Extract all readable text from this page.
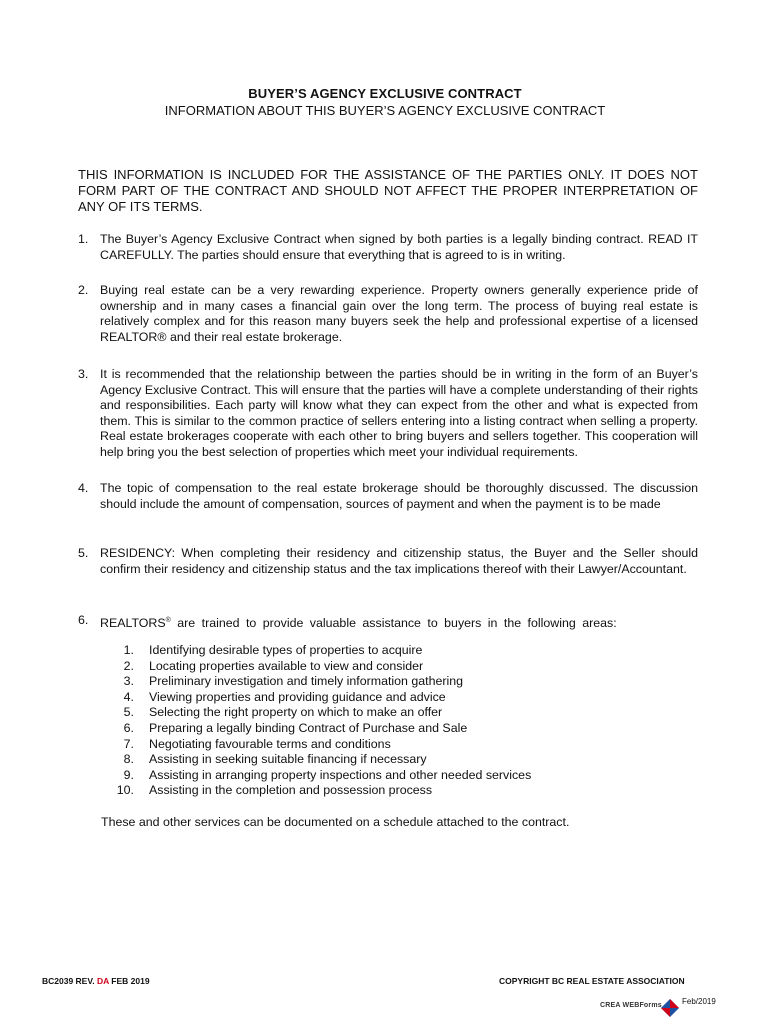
BUYER’S AGENCY EXCLUSIVE CONTRACT
INFORMATION ABOUT THIS BUYER’S AGENCY EXCLUSIVE CONTRACT
THIS INFORMATION IS INCLUDED FOR THE ASSISTANCE OF THE PARTIES ONLY. IT DOES NOT FORM PART OF THE CONTRACT AND SHOULD NOT AFFECT THE PROPER INTERPRETATION OF ANY OF ITS TERMS.
1. The Buyer’s Agency Exclusive Contract when signed by both parties is a legally binding contract. READ IT CAREFULLY. The parties should ensure that everything that is agreed to is in writing.
2. Buying real estate can be a very rewarding experience. Property owners generally experience pride of ownership and in many cases a financial gain over the long term. The process of buying real estate is relatively complex and for this reason many buyers seek the help and professional expertise of a licensed REALTOR® and their real estate brokerage.
3. It is recommended that the relationship between the parties should be in writing in the form of an Buyer’s Agency Exclusive Contract. This will ensure that the parties will have a complete understanding of their rights and responsibilities. Each party will know what they can expect from the other and what is expected from them. This is similar to the common practice of sellers entering into a listing contract when selling a property. Real estate brokerages cooperate with each other to bring buyers and sellers together. This cooperation will help bring you the best selection of properties which meet your individual requirements.
4. The topic of compensation to the real estate brokerage should be thoroughly discussed. The discussion should include the amount of compensation, sources of payment and when the payment is to be made
5. RESIDENCY: When completing their residency and citizenship status, the Buyer and the Seller should confirm their residency and citizenship status and the tax implications thereof with their Lawyer/Accountant.
6. REALTORS® are trained to provide valuable assistance to buyers in the following areas:
1. Identifying desirable types of properties to acquire
2. Locating properties available to view and consider
3. Preliminary investigation and timely information gathering
4. Viewing properties and providing guidance and advice
5. Selecting the right property on which to make an offer
6. Preparing a legally binding Contract of Purchase and Sale
7. Negotiating favourable terms and conditions
8. Assisting in seeking suitable financing if necessary
9. Assisting in arranging property inspections and other needed services
10. Assisting in the completion and possession process
These and other services can be documented on a schedule attached to the contract.
BC2039 REV. DA FEB 2019	COPYRIGHT BC REAL ESTATE ASSOCIATION
CREA WEBForms	Feb/2019
